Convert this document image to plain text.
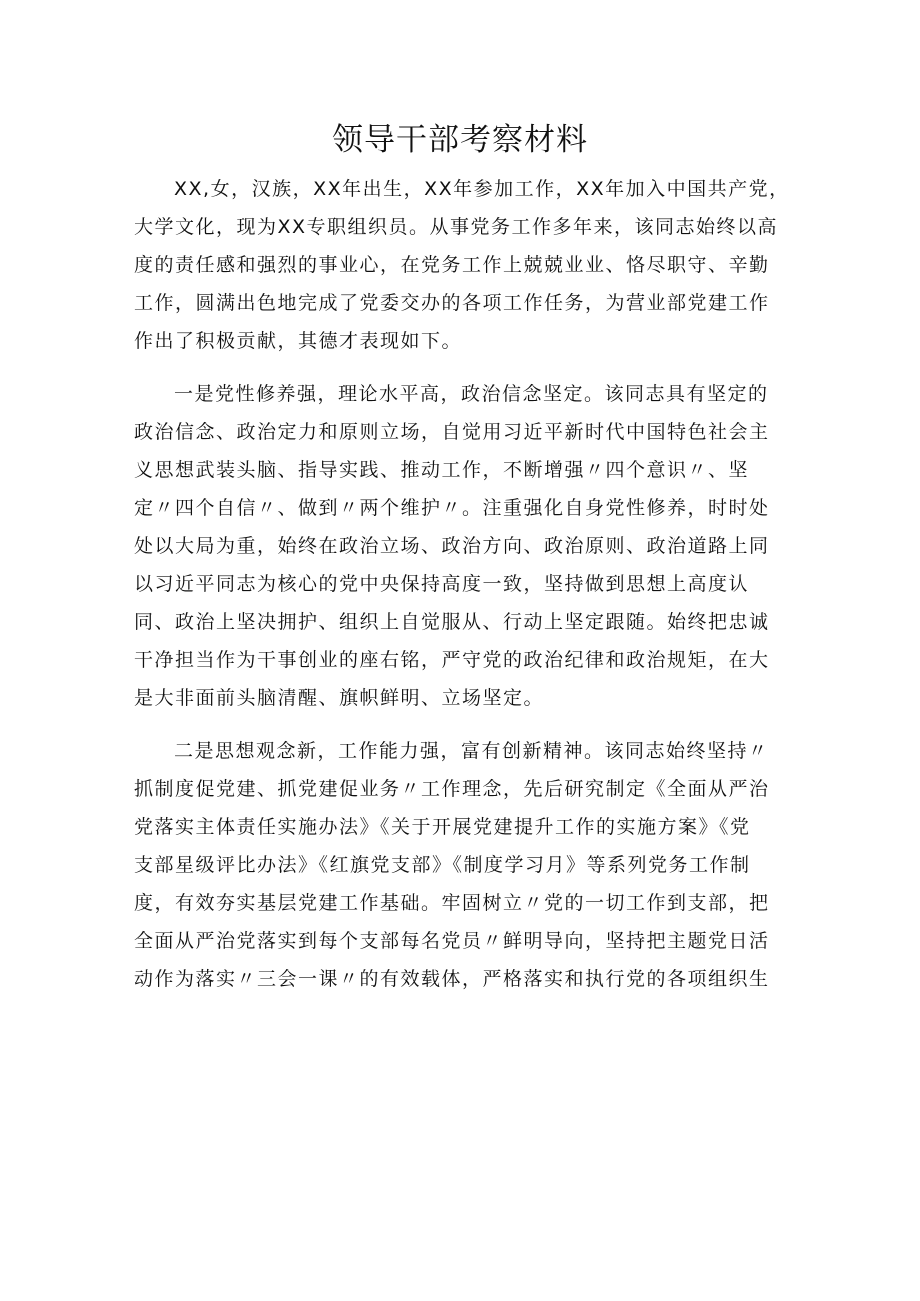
领导干部考察材料
XX,女，汉族，XX年出生，XX年参加工作，XX年加入中国共产党，
大学文化，现为XX专职组织员。从事党务工作多年来，该同志始终以高
度的责任感和强烈的事业心，在党务工作上兢兢业业、恪尽职守、辛勤
工作，圆满出色地完成了党委交办的各项工作任务，为营业部党建工作
作出了积极贡献，其德才表现如下。
一是党性修养强，理论水平高，政治信念坚定。该同志具有坚定的
政治信念、政治定力和原则立场，自觉用习近平新时代中国特色社会主
义思想武装头脑、指导实践、推动工作，不断增强〃四个意识〃、坚
定〃四个自信〃、做到〃两个维护〃。注重强化自身党性修养，时时处
处以大局为重，始终在政治立场、政治方向、政治原则、政治道路上同
以习近平同志为核心的党中央保持高度一致，坚持做到思想上高度认
同、政治上坚决拥护、组织上自觉服从、行动上坚定跟随。始终把忠诚
干净担当作为干事创业的座右铭，严守党的政治纪律和政治规矩，在大
是大非面前头脑清醒、旗帜鲜明、立场坚定。
二是思想观念新，工作能力强，富有创新精神。该同志始终坚持〃
抓制度促党建、抓党建促业务〃工作理念，先后研究制定《全面从严治
党落实主体责任实施办法》《关于开展党建提升工作的实施方案》《党
支部星级评比办法》《红旗党支部》《制度学习月》等系列党务工作制
度，有效夯实基层党建工作基础。牢固树立〃党的一切工作到支部，把
全面从严治党落实到每个支部每名党员〃鲜明导向，坚持把主题党日活
动作为落实〃三会一课〃的有效载体，严格落实和执行党的各项组织生
